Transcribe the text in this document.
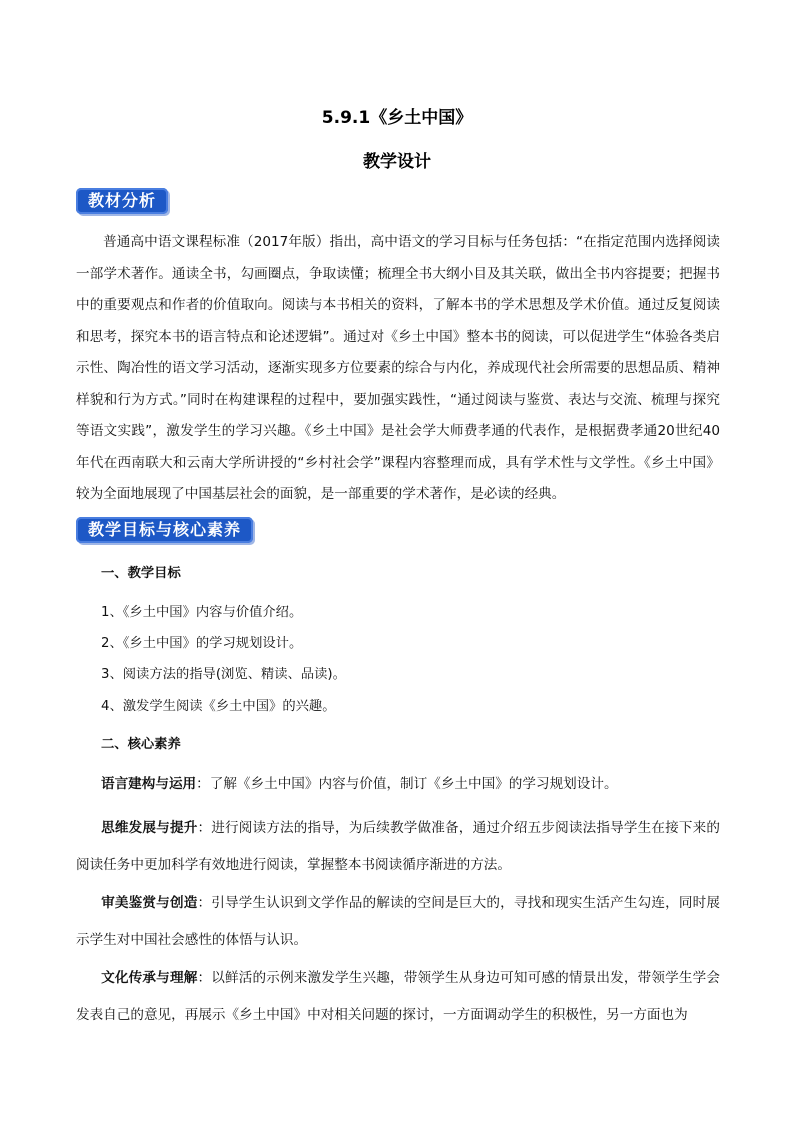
5.9.1《乡土中国》
教学设计
教材分析
普通高中语文课程标准（2017年版）指出，高中语文的学习目标与任务包括：“在指定范围内选择阅读一部学术著作。通读全书，勾画圈点，争取读懂；梳理全书大纲小目及其关联，做出全书内容提要；把握书中的重要观点和作者的价值取向。阅读与本书相关的资料，了解本书的学术思想及学术价值。通过反复阅读和思考，探究本书的语言特点和论述逻辑”。通过对《乡土中国》整本书的阅读，可以促进学生“体验各类启示性、陶冶性的语文学习活动，逐渐实现多方位要素的综合与内化，养成现代社会所需要的思想品质、精神样貌和行为方式。”同时在构建课程的过程中，要加强实践性，“通过阅读与鉴赏、表达与交流、梳理与探究等语文实践”，激发学生的学习兴趣。《乡土中国》是社会学大师费孝通的代表作，是根据费孝通20世纪40年代在西南联大和云南大学所讲授的“乡村社会学”课程内容整理而成，具有学术性与文学性。《乡土中国》较为全面地展现了中国基层社会的面貌，是一部重要的学术著作，是必读的经典。
教学目标与核心素养
一、教学目标
1、《乡土中国》内容与价值介绍。
2、《乡土中国》的学习规划设计。
3、阅读方法的指导(浏览、精读、品读)。
4、激发学生阅读《乡土中国》的兴趣。
二、核心素养
语言建构与运用：了解《乡土中国》内容与价值，制订《乡土中国》的学习规划设计。
思维发展与提升：进行阅读方法的指导，为后续教学做准备，通过介绍五步阅读法指导学生在接下来的阅读任务中更加科学有效地进行阅读，掌握整本书阅读循序渐进的方法。
审美鉴赏与创造：引导学生认识到文学作品的解读的空间是巨大的，寻找和现实生活产生勾连，同时展示学生对中国社会感性的体悟与认识。
文化传承与理解：以鲜活的示例来激发学生兴趣，带领学生从身边可知可感的情景出发，带领学生学会发表自己的意见，再展示《乡土中国》中对相关问题的探讨，一方面调动学生的积极性，另一方面也为
